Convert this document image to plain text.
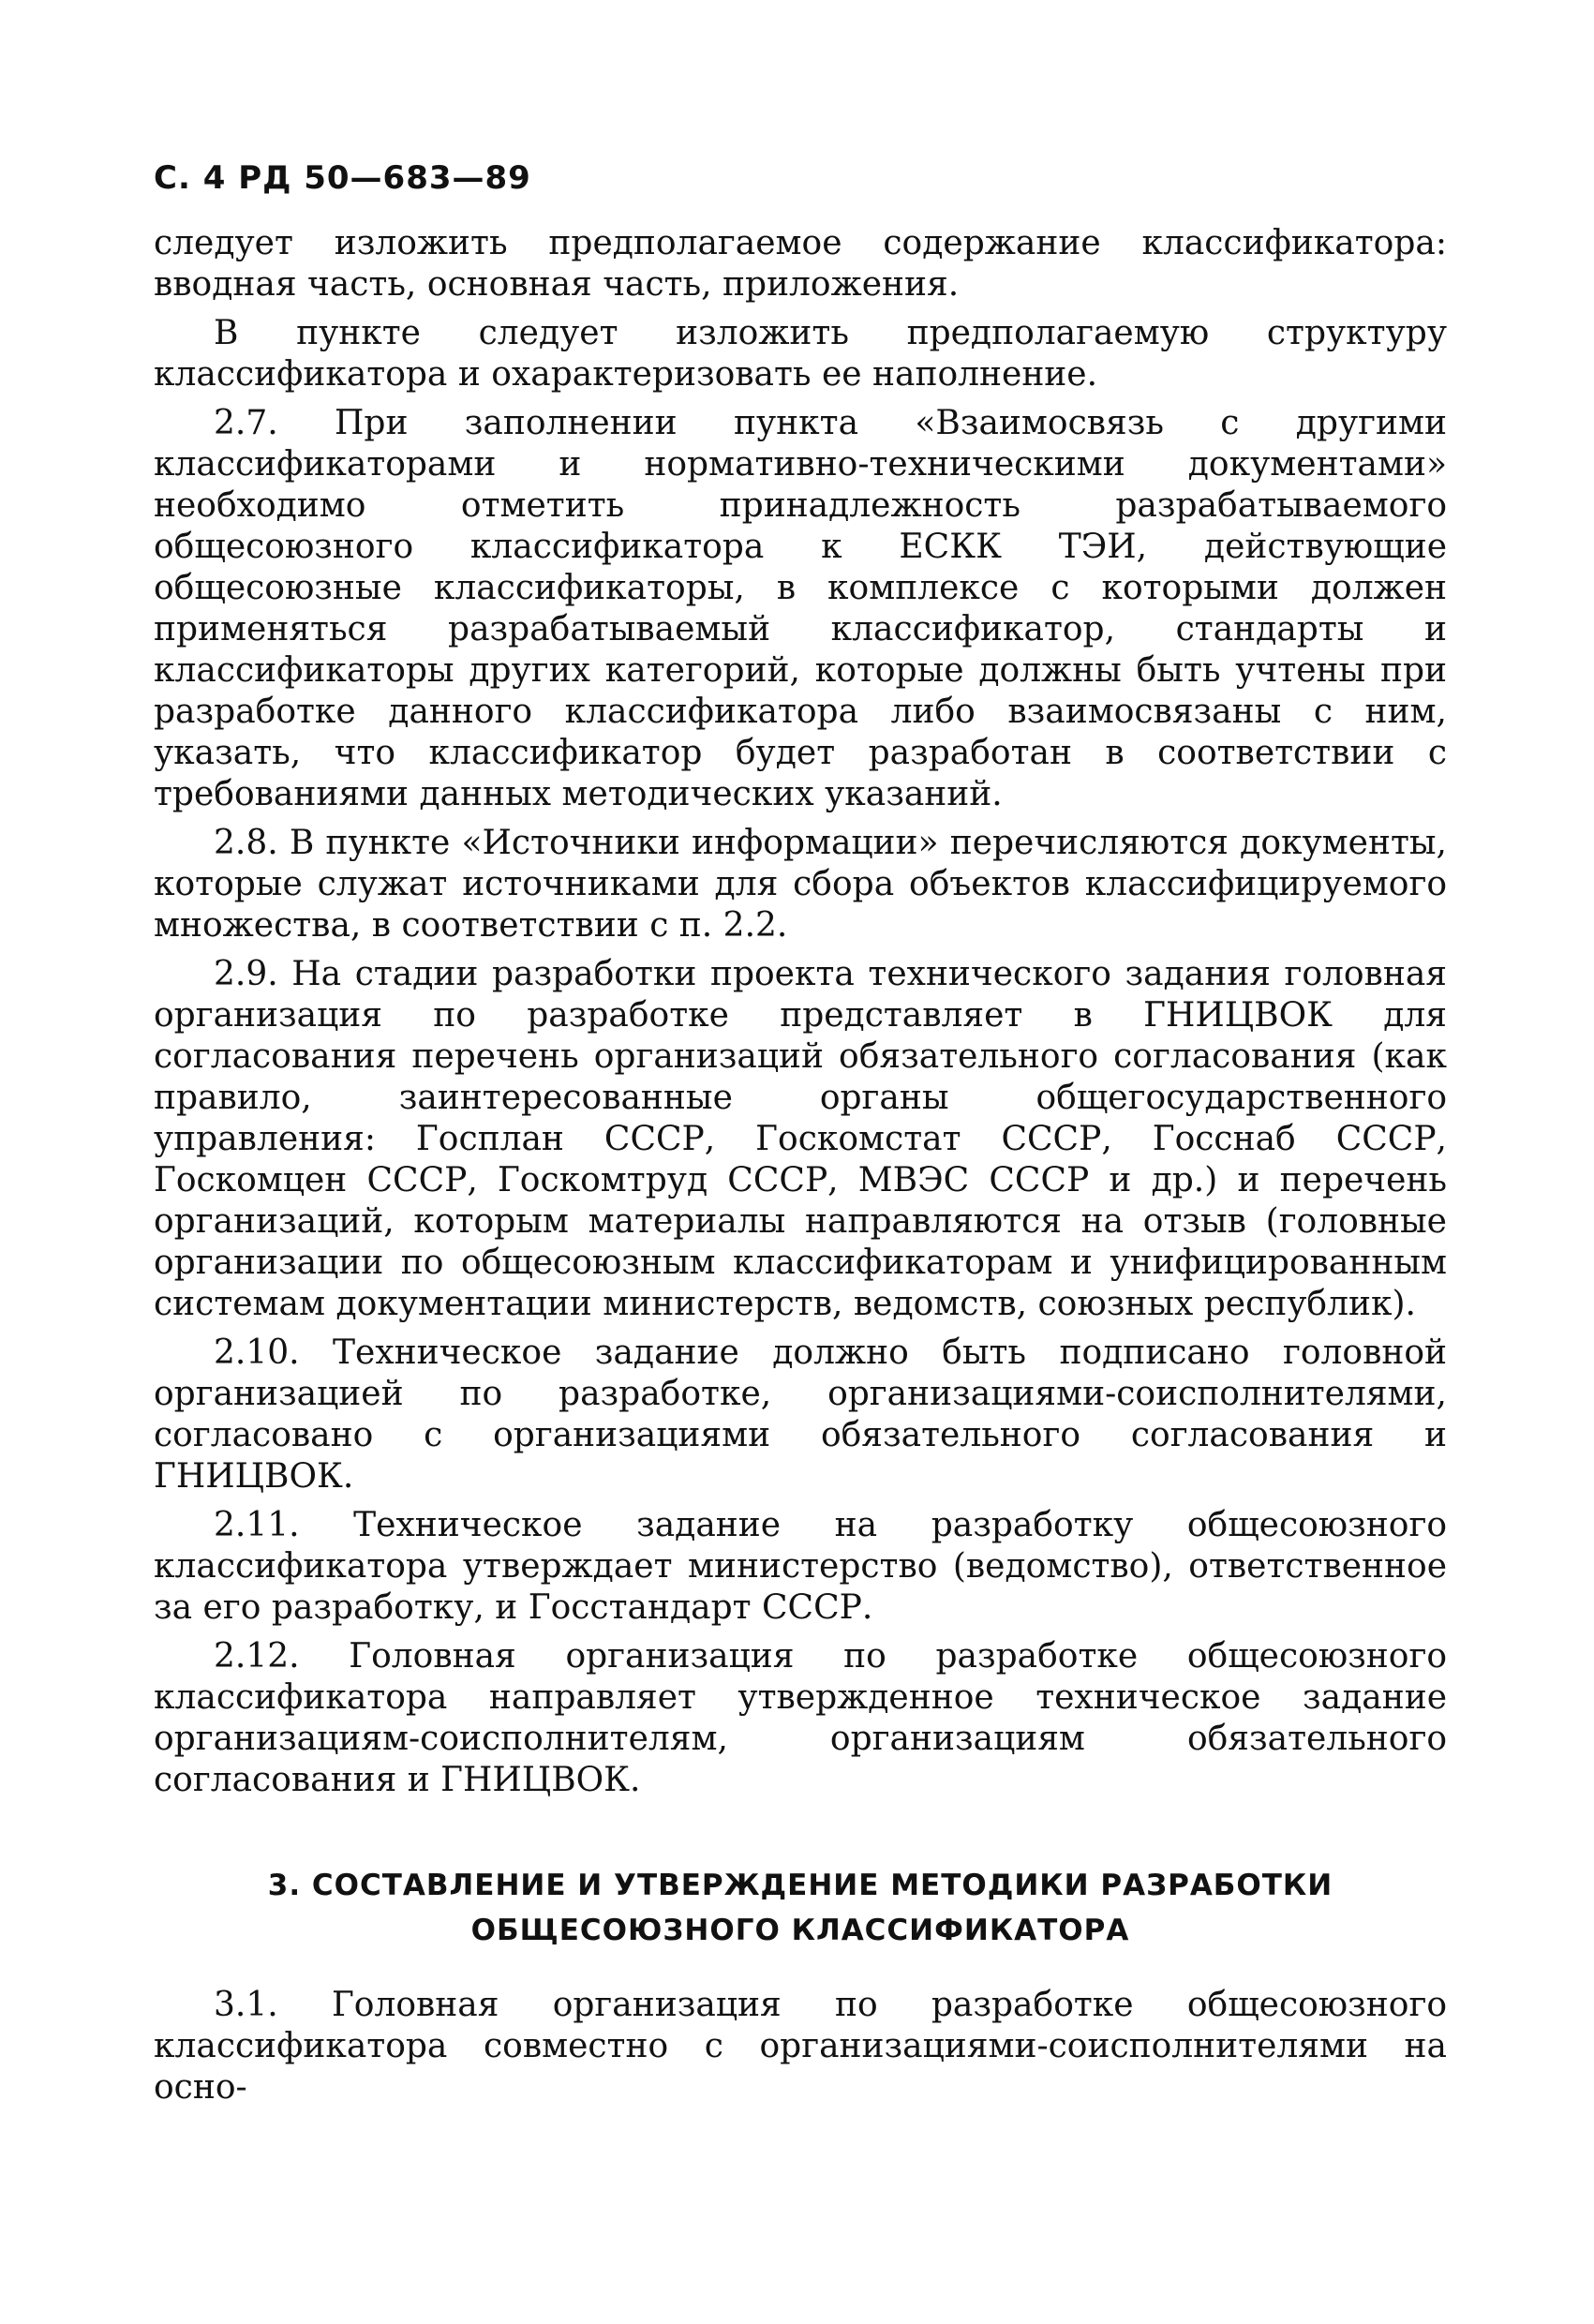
С. 4 РД 50—683—89

следует изложить предполагаемое содержание классификатора: вводная часть, основная часть, приложения.

В пункте следует изложить предполагаемую структуру классификатора и охарактеризовать ее наполнение.

2.7. При заполнении пункта «Взаимосвязь с другими классификаторами и нормативно-техническими документами» необходимо отметить принадлежность разрабатываемого общесоюзного классификатора к ЕСКК ТЭИ, действующие общесоюзные классификаторы, в комплексе с которыми должен применяться разрабатываемый классификатор, стандарты и классификаторы других категорий, которые должны быть учтены при разработке данного классификатора либо взаимосвязаны с ним, указать, что классификатор будет разработан в соответствии с требованиями данных методических указаний.

2.8. В пункте «Источники информации» перечисляются документы, которые служат источниками для сбора объектов классифицируемого множества, в соответствии с п. 2.2.

2.9. На стадии разработки проекта технического задания головная организация по разработке представляет в ГНИЦВОК для согласования перечень организаций обязательного согласования (как правило, заинтересованные органы общегосударственного управления: Госплан СССР, Госкомстат СССР, Госснаб СССР, Госкомцен СССР, Госкомтруд СССР, МВЭС СССР и др.) и перечень организаций, которым материалы направляются на отзыв (головные организации по общесоюзным классификаторам и унифицированным системам документации министерств, ведомств, союзных республик).

2.10. Техническое задание должно быть подписано головной организацией по разработке, организациями-соисполнителями, согласовано с организациями обязательного согласования и ГНИЦВОК.

2.11. Техническое задание на разработку общесоюзного классификатора утверждает министерство (ведомство), ответственное за его разработку, и Госстандарт СССР.

2.12. Головная организация по разработке общесоюзного классификатора направляет утвержденное техническое задание организациям-соисполнителям, организациям обязательного согласования и ГНИЦВОК.

3. СОСТАВЛЕНИЕ И УТВЕРЖДЕНИЕ МЕТОДИКИ РАЗРАБОТКИ
ОБЩЕСОЮЗНОГО КЛАССИФИКАТОРА

3.1. Головная организация по разработке общесоюзного классификатора совместно с организациями-соисполнителями на осно-
